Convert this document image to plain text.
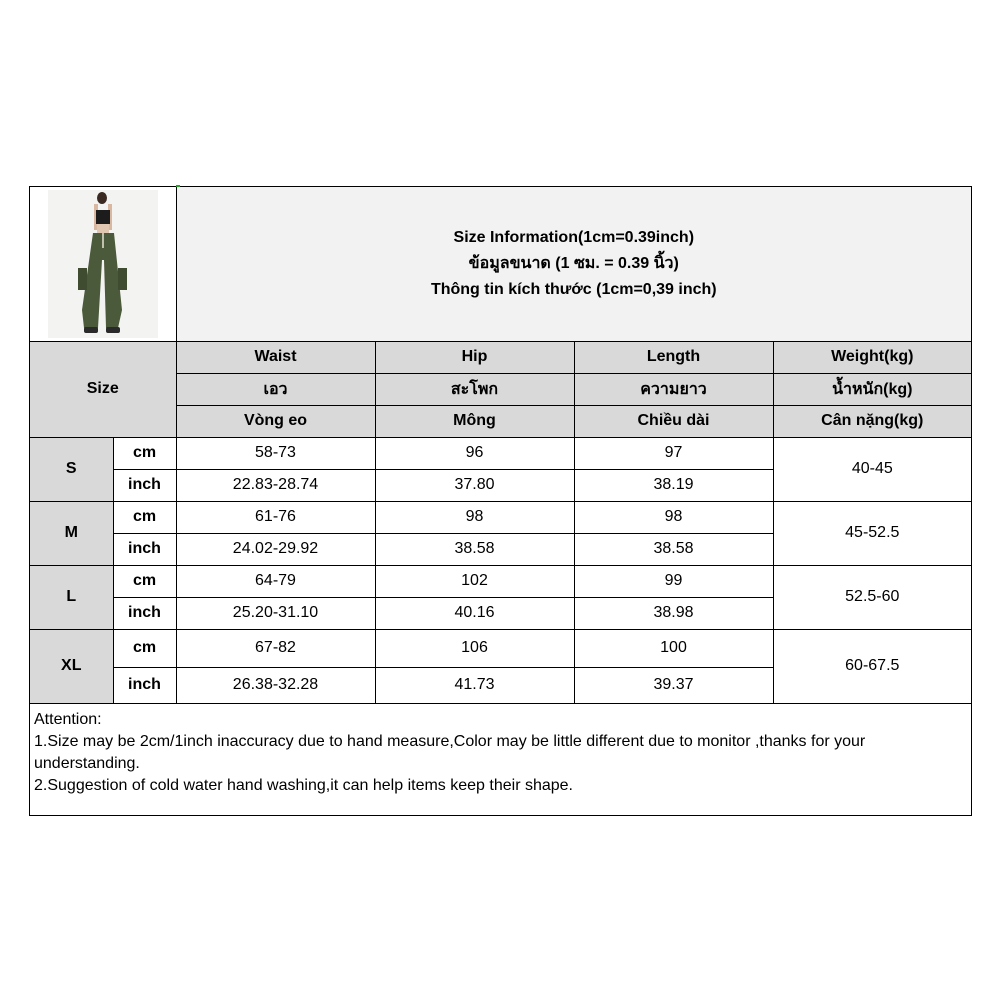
Size Information(1cm=0.39inch)
ข้อมูลขนาด (1 ซม. = 0.39 นิ้ว)
Thông tin kích thước (1cm=0,39 inch)			

Size		Waist	Hip	Length	Weight(kg)
		เอว	สะโพก	ความยาว	น้ำหนัก(kg)
		Vòng eo	Mông	Chiều dài	Cân nặng(kg)
S	cm	58-73	96	97	40-45
	inch	22.83-28.74	37.80	38.19	
M	cm	61-76	98	98	45-52.5
	inch	24.02-29.92	38.58	38.58	
L	cm	64-79	102	99	52.5-60
	inch	25.20-31.10	40.16	38.98	
XL	cm	67-82	106	100	60-67.5
	inch	26.38-32.28	41.73	39.37	

Attention:

1.Size may be 2cm/1inch inaccuracy due to hand measure,Color may be little different due to monitor ,thanks for your understanding.

2.Suggestion of cold water hand washing,it can help items keep their shape.
